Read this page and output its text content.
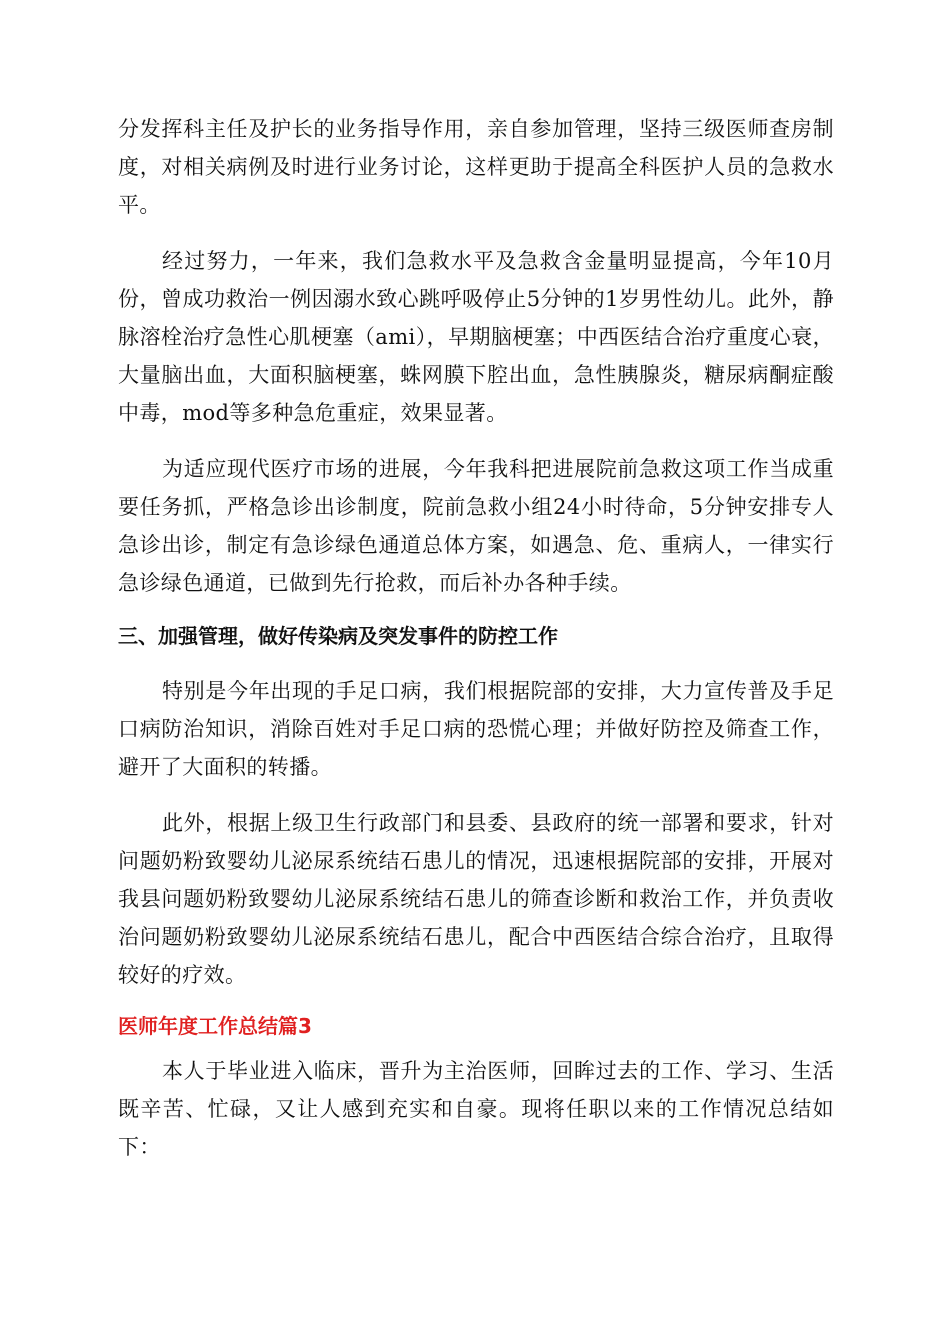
分发挥科主任及护长的业务指导作用，亲自参加管理，坚持三级医师查房制度，对相关病例及时进行业务讨论，这样更助于提高全科医护人员的急救水平。

经过努力，一年来，我们急救水平及急救含金量明显提高，今年10月份，曾成功救治一例因溺水致心跳呼吸停止5分钟的1岁男性幼儿。此外，静脉溶栓治疗急性心肌梗塞（ami），早期脑梗塞；中西医结合治疗重度心衰，大量脑出血，大面积脑梗塞，蛛网膜下腔出血，急性胰腺炎，糖尿病酮症酸中毒，mod等多种急危重症，效果显著。

为适应现代医疗市场的进展，今年我科把进展院前急救这项工作当成重要任务抓，严格急诊出诊制度，院前急救小组24小时待命，5分钟安排专人急诊出诊，制定有急诊绿色通道总体方案，如遇急、危、重病人，一律实行急诊绿色通道，已做到先行抢救，而后补办各种手续。

三、加强管理，做好传染病及突发事件的防控工作

特别是今年出现的手足口病，我们根据院部的安排，大力宣传普及手足口病防治知识，消除百姓对手足口病的恐慌心理；并做好防控及筛查工作，避开了大面积的转播。

此外，根据上级卫生行政部门和县委、县政府的统一部署和要求，针对问题奶粉致婴幼儿泌尿系统结石患儿的情况，迅速根据院部的安排，开展对我县问题奶粉致婴幼儿泌尿系统结石患儿的筛查诊断和救治工作，并负责收治问题奶粉致婴幼儿泌尿系统结石患儿，配合中西医结合综合治疗，且取得较好的疗效。

医师年度工作总结篇3

本人于毕业进入临床，晋升为主治医师，回眸过去的工作、学习、生活既辛苦、忙碌，又让人感到充实和自豪。现将任职以来的工作情况总结如下：
